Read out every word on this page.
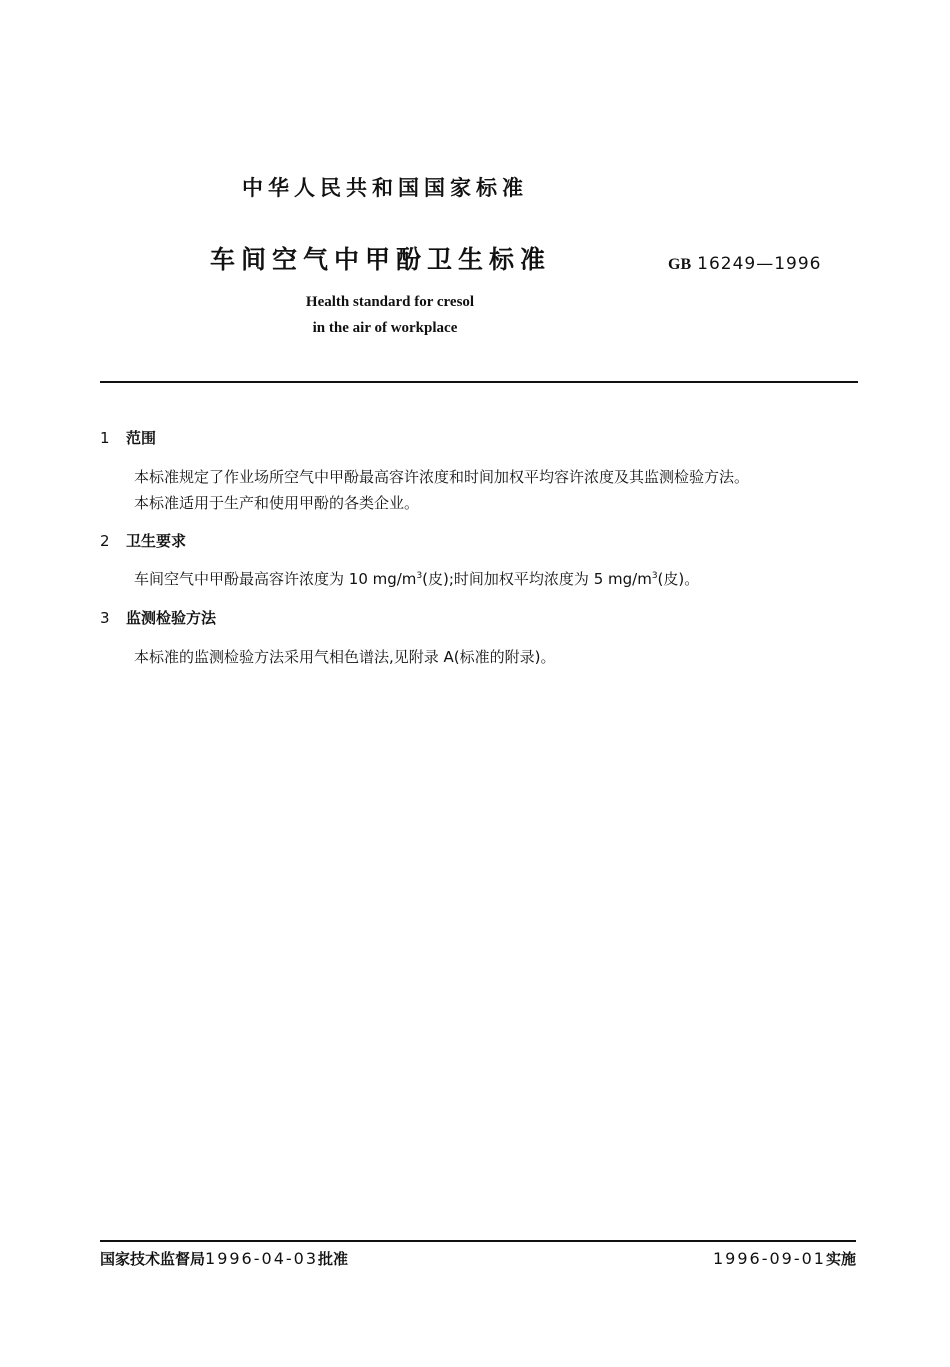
中华人民共和国国家标准
车间空气中甲酚卫生标准	GB 16249—1996
Health standard for cresol
in the air of workplace
1 范围
本标准规定了作业场所空气中甲酚最高容许浓度和时间加权平均容许浓度及其监测检验方法。
本标准适用于生产和使用甲酚的各类企业。
2 卫生要求
车间空气中甲酚最高容许浓度为 10 $mg/m^3$(皮);时间加权平均浓度为 5 $mg/m^3$(皮)。
3 监测检验方法
本标准的监测检验方法采用气相色谱法,见附录 A(标准的附录)。
国家技术监督局1996-04-03批准	1996-09-01实施
